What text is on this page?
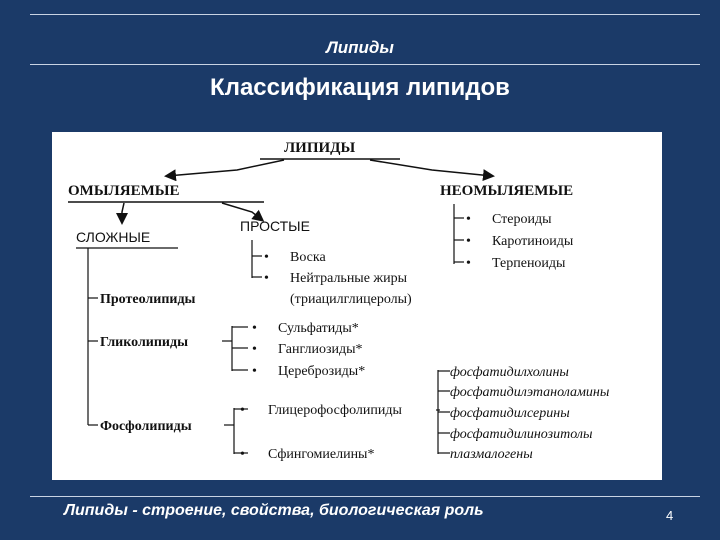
Липиды
Классификация липидов
ЛИПИДЫ
ОМЫЛЯЕМЫЕ	НЕОМЫЛЯЕМЫЕ
•
•
•
Стероиды
Каротиноиды
Терпеноиды
ПРОСТЫЕ
•
•
Воска
Нейтральные жиры
(триацилглицеролы)
СЛОЖНЫЕ
Протеолипиды
Гликолипиды
Фосфолипиды
•
•
•
Сульфатиды*
Ганглиозиды*
Цереброзиды*
•
•
Глицерофосфолипиды
Сфингомиелины*
фосфатидилхолины
фосфатидилэтаноламины
фосфатидилсерины
фосфатидилинозитолы
плазмалогены
Липиды - строение, свойства, биологическая роль	4
